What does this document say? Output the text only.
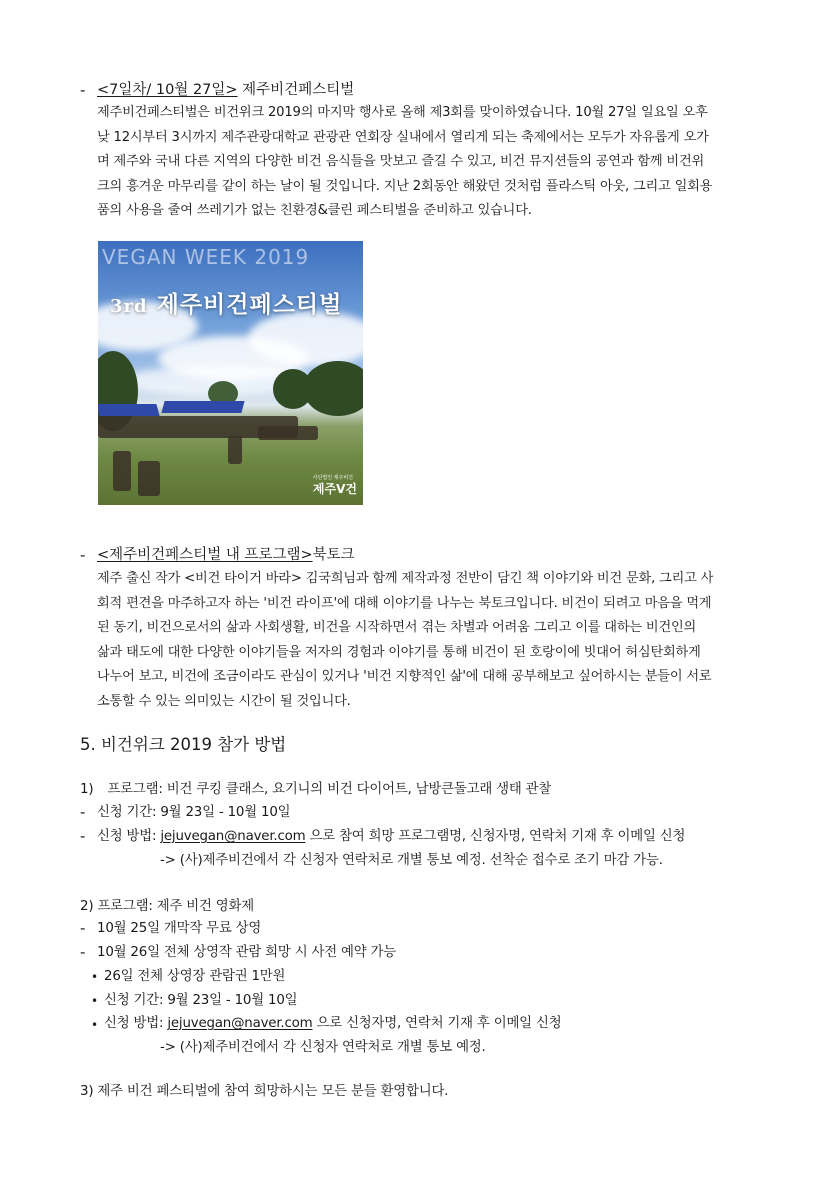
- <7일차/ 10월 27일> 제주비건페스티벌
제주비건페스티벌은 비건위크 2019의 마지막 행사로 올해 제3회를 맞이하였습니다. 10월 27일 일요일 오후
낮 12시부터 3시까지 제주관광대학교 관광관 연회장 실내에서 열리게 되는 축제에서는 모두가 자유롭게 오가
며 제주와 국내 다른 지역의 다양한 비건 음식들을 맛보고 즐길 수 있고, 비건 뮤지션들의 공연과 함께 비건위
크의 흥겨운 마무리를 같이 하는 날이 될 것입니다. 지난 2회동안 해왔던 것처럼 플라스틱 아웃, 그리고 일회용
품의 사용을 줄여 쓰레기가 없는 친환경&클린 페스티벌을 준비하고 있습니다.
VEGAN WEEK 2019
3rd 제주비건페스티벌
사단법인 제주비건
제주V건
- <제주비건페스티벌 내 프로그램>북토크
제주 출신 작가 <비건 타이거 바라> 김국희님과 함께 제작과정 전반이 담긴 책 이야기와 비건 문화, 그리고 사
회적 편견을 마주하고자 하는 '비건 라이프'에 대해 이야기를 나누는 북토크입니다. 비건이 되려고 마음을 먹게
된 동기, 비건으로서의 삶과 사회생활, 비건을 시작하면서 겪는 차별과 어려움 그리고 이를 대하는 비건인의
삶과 태도에 대한 다양한 이야기들을 저자의 경험과 이야기를 통해 비건이 된 호랑이에 빗대어 허심탄회하게
나누어 보고, 비건에 조금이라도 관심이 있거나 '비건 지향적인 삶'에 대해 공부해보고 싶어하시는 분들이 서로
소통할 수 있는 의미있는 시간이 될 것입니다.
5. 비건위크 2019 참가 방법
1) 프로그램: 비건 쿠킹 클래스, 요기니의 비건 다이어트, 남방큰돌고래 생태 관찰
- 신청 기간: 9월 23일 - 10월 10일
- 신청 방법: jejuvegan@naver.com 으로 참여 희망 프로그램명, 신청자명, 연락처 기재 후 이메일 신청
-> (사)제주비건에서 각 신청자 연락처로 개별 통보 예정. 선착순 접수로 조기 마감 가능.
2) 프로그램: 제주 비건 영화제
- 10월 25일 개막작 무료 상영
- 10월 26일 전체 상영작 관람 희망 시 사전 예약 가능
• 26일 전체 상영장 관람권 1만원
• 신청 기간: 9월 23일 - 10월 10일
• 신청 방법: jejuvegan@naver.com 으로 신청자명, 연락처 기재 후 이메일 신청
-> (사)제주비건에서 각 신청자 연락처로 개별 통보 예정.
3) 제주 비건 페스티벌에 참여 희망하시는 모든 분들 환영합니다.
